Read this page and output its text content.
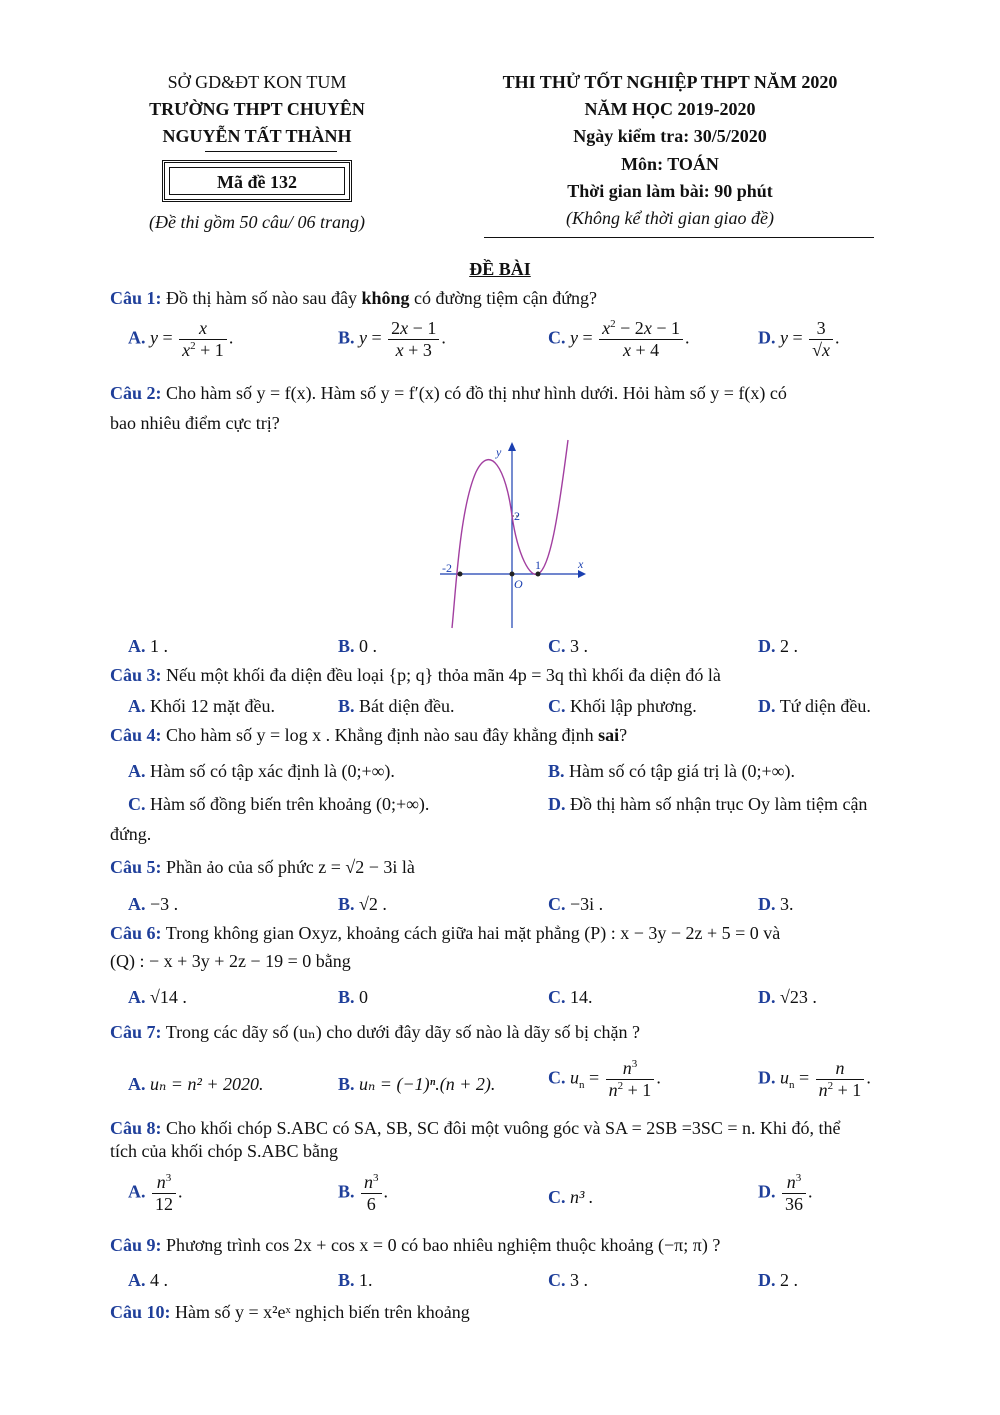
SỞ GD&ĐT KON TUM
TRƯỜNG THPT CHUYÊN
NGUYỄN TẤT THÀNH
Mã đề 132
(Đề thi gồm 50 câu/ 06 trang)
THI THỬ TỐT NGHIỆP THPT NĂM 2020
NĂM HỌC 2019-2020
Ngày kiểm tra: 30/5/2020
Môn: TOÁN
Thời gian làm bài: 90 phút
(Không kể thời gian giao đề)
ĐỀ BÀI
Câu 1: Đồ thị hàm số nào sau đây không có đường tiệm cận đứng?
A. $y = \frac{x}{x^2 + 1}$ .	B. $y = \frac{2x - 1}{x + 3}$ .	C. $y = \frac{x^2 - 2x - 1}{x + 4}$ .	D. $y = \frac{3}{√x}$ .
Câu 2: Cho hàm số y = f(x). Hàm số y = f′(x) có đồ thị như hình dưới. Hỏi hàm số y = f(x) có
bao nhiêu điểm cực trị?
y
x
O
2
-2	1
A. 1 .	B. 0 .	C. 3 .	D. 2 .
Câu 3: Nếu một khối đa diện đều loại {p; q} thỏa mãn 4p = 3q thì khối đa diện đó là
A. Khối 12 mặt đều.	B. Bát diện đều.	C. Khối lập phương.	D. Tứ diện đều.
Câu 4: Cho hàm số y = log x . Khẳng định nào sau đây khẳng định sai?
A. Hàm số có tập xác định là (0;+∞).	B. Hàm số có tập giá trị là (0;+∞).
C. Hàm số đồng biến trên khoảng (0;+∞).	D. Đồ thị hàm số nhận trục Oy làm tiệm cận
đứng.
Câu 5: Phần ảo của số phức z = √2 − 3i là
A. −3 .	B. √2 .	C. −3i .	D. 3.
Câu 6: Trong không gian Oxyz, khoảng cách giữa hai mặt phẳng (P) : x − 3y − 2z + 5 = 0 và
(Q) : − x + 3y + 2z − 19 = 0 bằng
A. √14 .	B. 0	C. 14.	D. √23 .
Câu 7: Trong các dãy số (uₙ) cho dưới đây dãy số nào là dãy số bị chặn ?
A. uₙ = n² + 2020.	B. uₙ = (−1)ⁿ.(n + 2).	C. $u_n = \frac{n^3}{n^2 + 1}$ .	D. $u_n = \frac{n}{n^2 + 1}$ .
Câu 8: Cho khối chóp S.ABC có SA, SB, SC đôi một vuông góc và SA = 2SB =3SC = n. Khi đó, thể
tích của khối chóp S.ABC bằng
A. $\frac{n^3}{12}$ .	B. $\frac{n^3}{6}$ .	C. n³ .	D. $\frac{n^3}{36}$ .
Câu 9: Phương trình cos 2x + cos x = 0 có bao nhiêu nghiệm thuộc khoảng (−π; π) ?
A. 4 .	B. 1.	C. 3 .	D. 2 .
Câu 10: Hàm số y = x²eˣ nghịch biến trên khoảng
